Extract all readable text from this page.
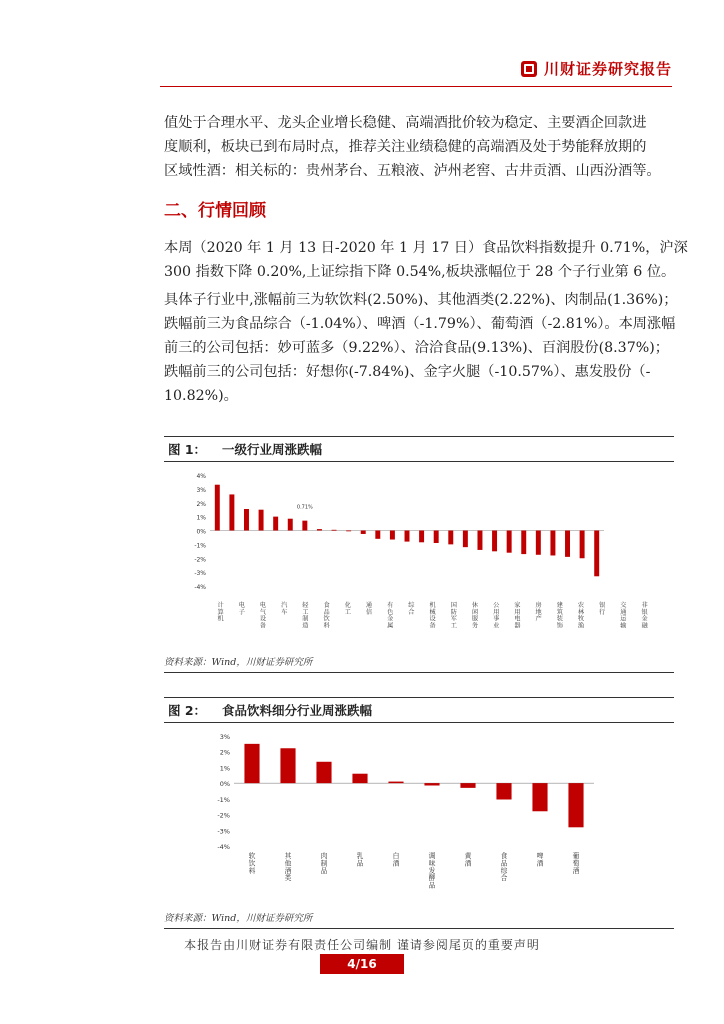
川财证券研究报告

值处于合理水平、龙头企业增长稳健、高端酒批价较为稳定、主要酒企回款进
度顺利，板块已到布局时点，推荐关注业绩稳健的高端酒及处于势能释放期的
区域性酒：相关标的：贵州茅台、五粮液、泸州老窖、古井贡酒、山西汾酒等。

二、行情回顾

本周（2020 年 1 月 13 日-2020 年 1 月 17 日）食品饮料指数提升 0.71%，沪深
300 指数下降 0.20%,上证综指下降 0.54%,板块涨幅位于 28 个子行业第 6 位。

具体子行业中,涨幅前三为软饮料(2.50%)、其他酒类(2.22%)、肉制品(1.36%)；
跌幅前三为食品综合（-1.04%）、啤酒（-1.79%）、葡萄酒（-2.81%）。本周涨幅
前三的公司包括：妙可蓝多（9.22%）、洽洽食品(9.13%)、百润股份(8.37%)；
跌幅前三的公司包括：好想你(-7.84%)、金字火腿（-10.57%）、惠发股份（-
10.82%)。

图 1： 一级行业周涨跌幅
4%
3%
2%
1%
0%
-1%
-2%
-3%
-4%
0.71%
计算机
电子
电气设备
汽车
轻工制造
食品饮料
化工
通信
有色金属
综合
机械设备
国防军工
休闲服务
公用事业
家用电器
房地产
建筑装饰
农林牧渔
银行
交通运输
非银金融
资料来源：Wind，川财证券研究所
图 2： 食品饮料细分行业周涨跌幅
3%
2%
1%
0%
-1%
-2%
-3%
-4%
软饮料
其他酒类
肉制品
乳品
白酒
调味发酵品
黄酒
食品综合
啤酒
葡萄酒
资料来源：Wind，川财证券研究所
本报告由川财证券有限责任公司编制 谨请参阅尾页的重要声明
4/16
